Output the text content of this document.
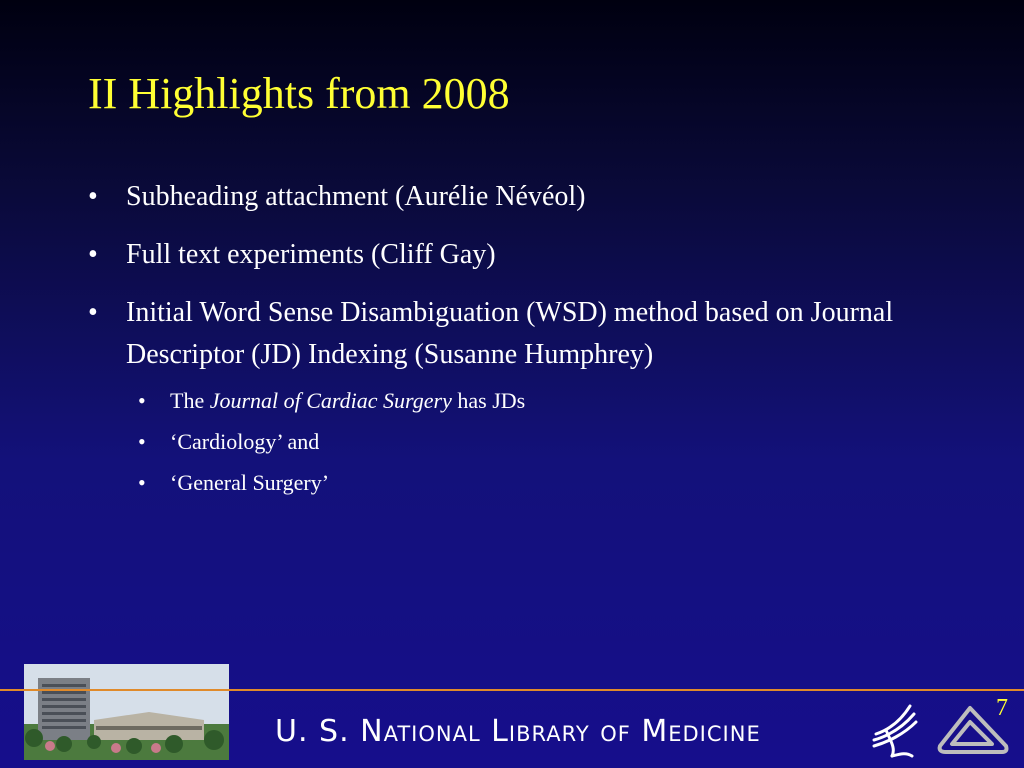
II Highlights from 2008
• Subheading attachment (Aurélie Névéol)
• Full text experiments (Cliff Gay)
• Initial Word Sense Disambiguation (WSD) method based on Journal Descriptor (JD) Indexing (Susanne Humphrey)
• The Journal of Cardiac Surgery has JDs
• ‘Cardiology’ and
• ‘General Surgery’
U. S. National Library of Medicine
7
